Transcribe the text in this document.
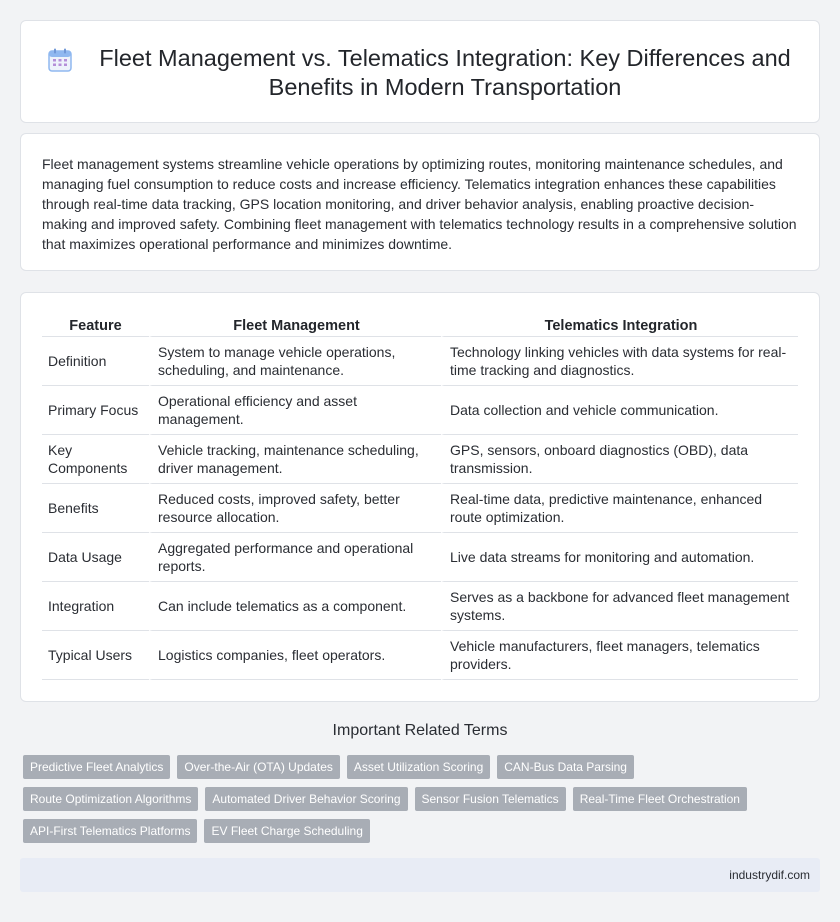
Fleet Management vs. Telematics Integration: Key Differences and Benefits in Modern Transportation

Fleet management systems streamline vehicle operations by optimizing routes, monitoring maintenance schedules, and managing fuel consumption to reduce costs and increase efficiency. Telematics integration enhances these capabilities through real-time data tracking, GPS location monitoring, and driver behavior analysis, enabling proactive decision-making and improved safety. Combining fleet management with telematics technology results in a comprehensive solution that maximizes operational performance and minimizes downtime.

Feature	Fleet Management	Telematics Integration
Definition	System to manage vehicle operations, scheduling, and maintenance.	Technology linking vehicles with data systems for real-time tracking and diagnostics.
Primary Focus	Operational efficiency and asset management.	Data collection and vehicle communication.
Key Components	Vehicle tracking, maintenance scheduling, driver management.	GPS, sensors, onboard diagnostics (OBD), data transmission.
Benefits	Reduced costs, improved safety, better resource allocation.	Real-time data, predictive maintenance, enhanced route optimization.
Data Usage	Aggregated performance and operational reports.	Live data streams for monitoring and automation.
Integration	Can include telematics as a component.	Serves as a backbone for advanced fleet management systems.
Typical Users	Logistics companies, fleet operators.	Vehicle manufacturers, fleet managers, telematics providers.
Important Related Terms
Predictive Fleet Analytics	Over-the-Air (OTA) Updates	Asset Utilization Scoring	CAN-Bus Data Parsing
Route Optimization Algorithms	Automated Driver Behavior Scoring	Sensor Fusion Telematics	Real-Time Fleet Orchestration
API-First Telematics Platforms	EV Fleet Charge Scheduling
industrydif.com
